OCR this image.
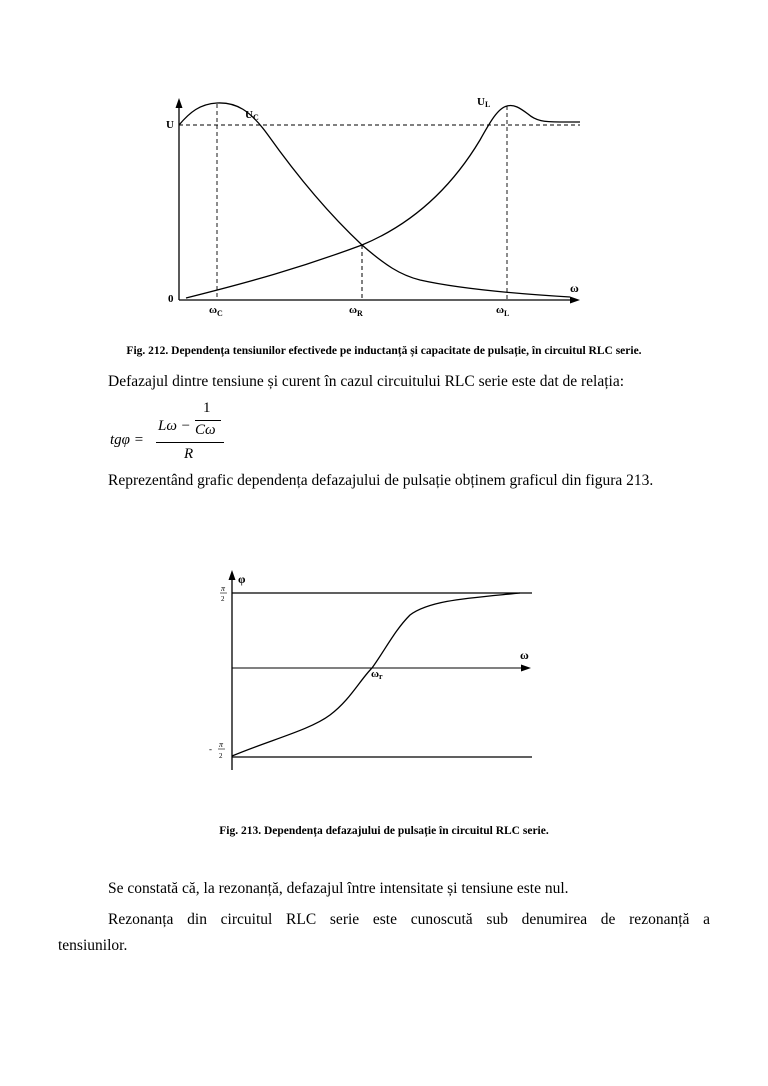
U
0
ω
UC
UL
$\omega_C$	$\omega_R$	$\omega_L$
Fig. 212. Dependența tensiunilor efectivede pe inductanță și capacitate de pulsație, în circuitul RLC serie.
Defazajul dintre tensiune și curent în cazul circuitului RLC serie este dat de relația:
tgφ =
Lω −
1
Cω
R
Reprezentând grafic dependența defazajului de pulsație obținem graficul din figura 213.
φ
ω
ωr
π
2
- π
2
Fig. 213. Dependența defazajului de pulsație în circuitul RLC serie.
Se constată că, la rezonanță, defazajul între intensitate și tensiune este nul.
Rezonanța din circuitul RLC serie este cunoscută sub denumirea de rezonanță a
tensiunilor.
